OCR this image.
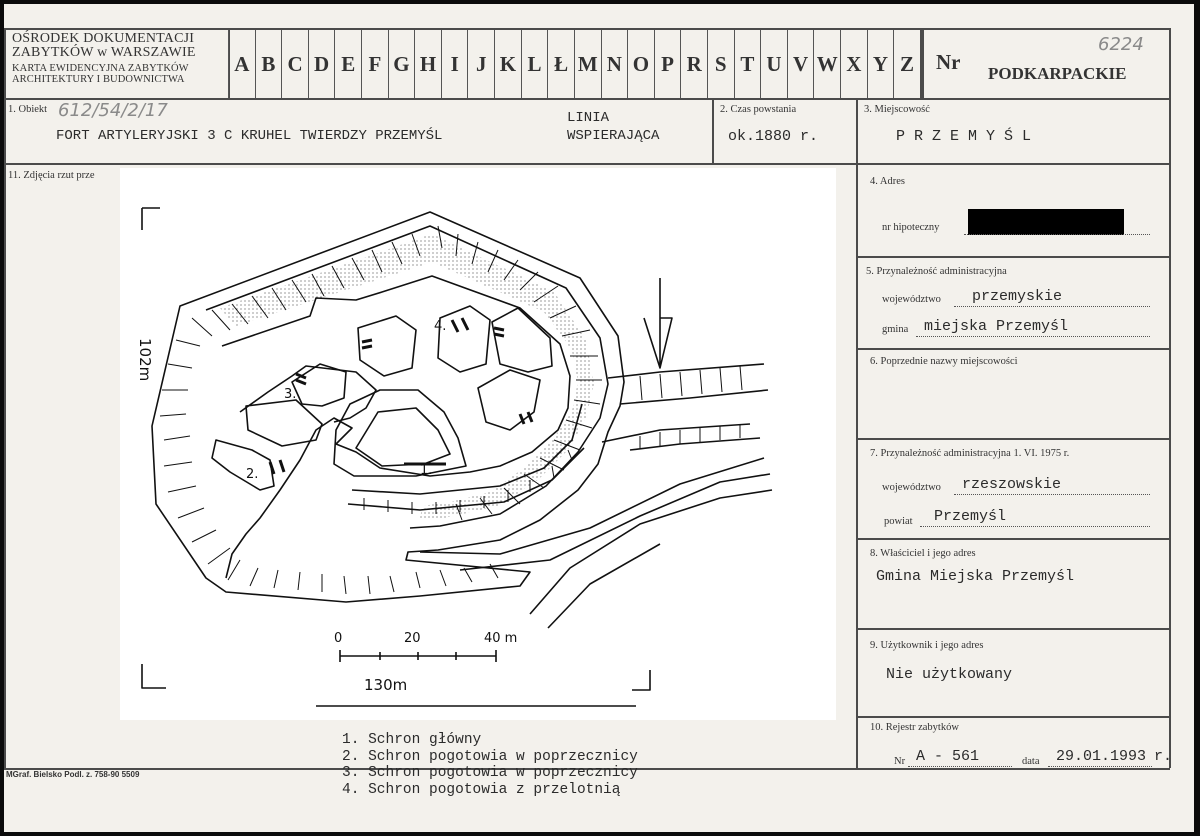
OŚRODEK DOKUMENTACJI
ZABYTKÓW w WARSZAWIE
KARTA EWIDENCYJNA ZABYTKÓW
ARCHITEKTURY I BUDOWNICTWA
A B C D E F G H I J K L Ł M N O P R S T U V W X Y Z Nr
6224
PODKARPACKIE
1. Obiekt 612/54/2/17
FORT ARTYLERYJSKI 3 C KRUHEL TWIERDZY PRZEMYŚL
LINIA
WSPIERAJĄCA
2. Czas powstania
ok.1880 r.
3. Miejscowość
P R Z E M Y Ś L
11. Zdjęcia rzut prze
1.
2.
3.
4.
0	20	40 m
130m
102m
1. Schron główny
2. Schron pogotowia w poprzecznicy
3. Schron pogotowia w poprzecznicy
4. Schron pogotowia z przelotnią
MGraf. Bielsko Podl. z. 758-90 5509
4. Adres
nr hipoteczny
5. Przynależność administracyjna
województwo przemyskie
gmina miejska Przemyśl
6. Poprzednie nazwy miejscowości
7. Przynależność administracyjna 1. VI. 1975 r.
województwo rzeszowskie
powiat Przemyśl
8. Właściciel i jego adres
Gmina Miejska Przemyśl
9. Użytkownik i jego adres
Nie użytkowany
10. Rejestr zabytków
Nr A - 561	data 29.01.1993 r.
